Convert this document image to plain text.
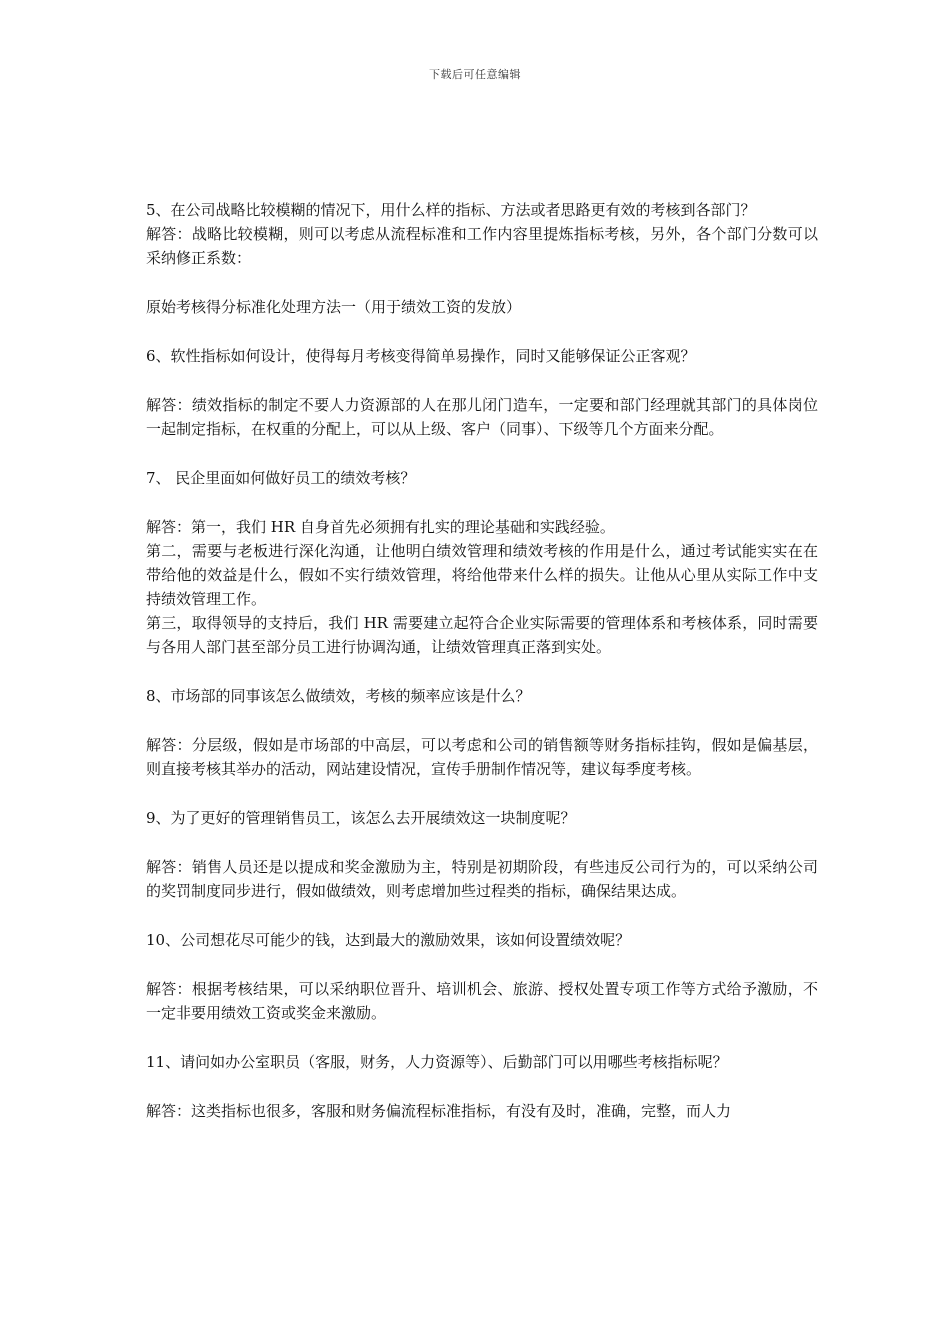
下载后可任意编辑

5、在公司战略比较模糊的情况下，用什么样的指标、方法或者思路更有效的考核到各部门？

解答：战略比较模糊，则可以考虑从流程标准和工作内容里提炼指标考核，另外，各个部门分数可以采纳修正系数：

原始考核得分标准化处理方法一（用于绩效工资的发放）

6、软性指标如何设计，使得每月考核变得简单易操作，同时又能够保证公正客观？

解答：绩效指标的制定不要人力资源部的人在那儿闭门造车，一定要和部门经理就其部门的具体岗位一起制定指标，在权重的分配上，可以从上级、客户（同事）、下级等几个方面来分配。

7、 民企里面如何做好员工的绩效考核？

解答：第一，我们 HR 自身首先必须拥有扎实的理论基础和实践经验。

第二，需要与老板进行深化沟通，让他明白绩效管理和绩效考核的作用是什么，通过考试能实实在在带给他的效益是什么，假如不实行绩效管理，将给他带来什么样的损失。让他从心里从实际工作中支持绩效管理工作。

第三，取得领导的支持后，我们 HR 需要建立起符合企业实际需要的管理体系和考核体系，同时需要与各用人部门甚至部分员工进行协调沟通，让绩效管理真正落到实处。

8、市场部的同事该怎么做绩效，考核的频率应该是什么？

解答：分层级，假如是市场部的中高层，可以考虑和公司的销售额等财务指标挂钩，假如是偏基层，则直接考核其举办的活动，网站建设情况，宣传手册制作情况等，建议每季度考核。

9、为了更好的管理销售员工，该怎么去开展绩效这一块制度呢？

解答：销售人员还是以提成和奖金激励为主，特别是初期阶段，有些违反公司行为的，可以采纳公司的奖罚制度同步进行，假如做绩效，则考虑增加些过程类的指标，确保结果达成。

10、公司想花尽可能少的钱，达到最大的激励效果，该如何设置绩效呢？

解答：根据考核结果，可以采纳职位晋升、培训机会、旅游、授权处置专项工作等方式给予激励，不一定非要用绩效工资或奖金来激励。

11、请问如办公室职员（客服，财务，人力资源等）、后勤部门可以用哪些考核指标呢？

解答：这类指标也很多，客服和财务偏流程标准指标，有没有及时，准确，完整，而人力
